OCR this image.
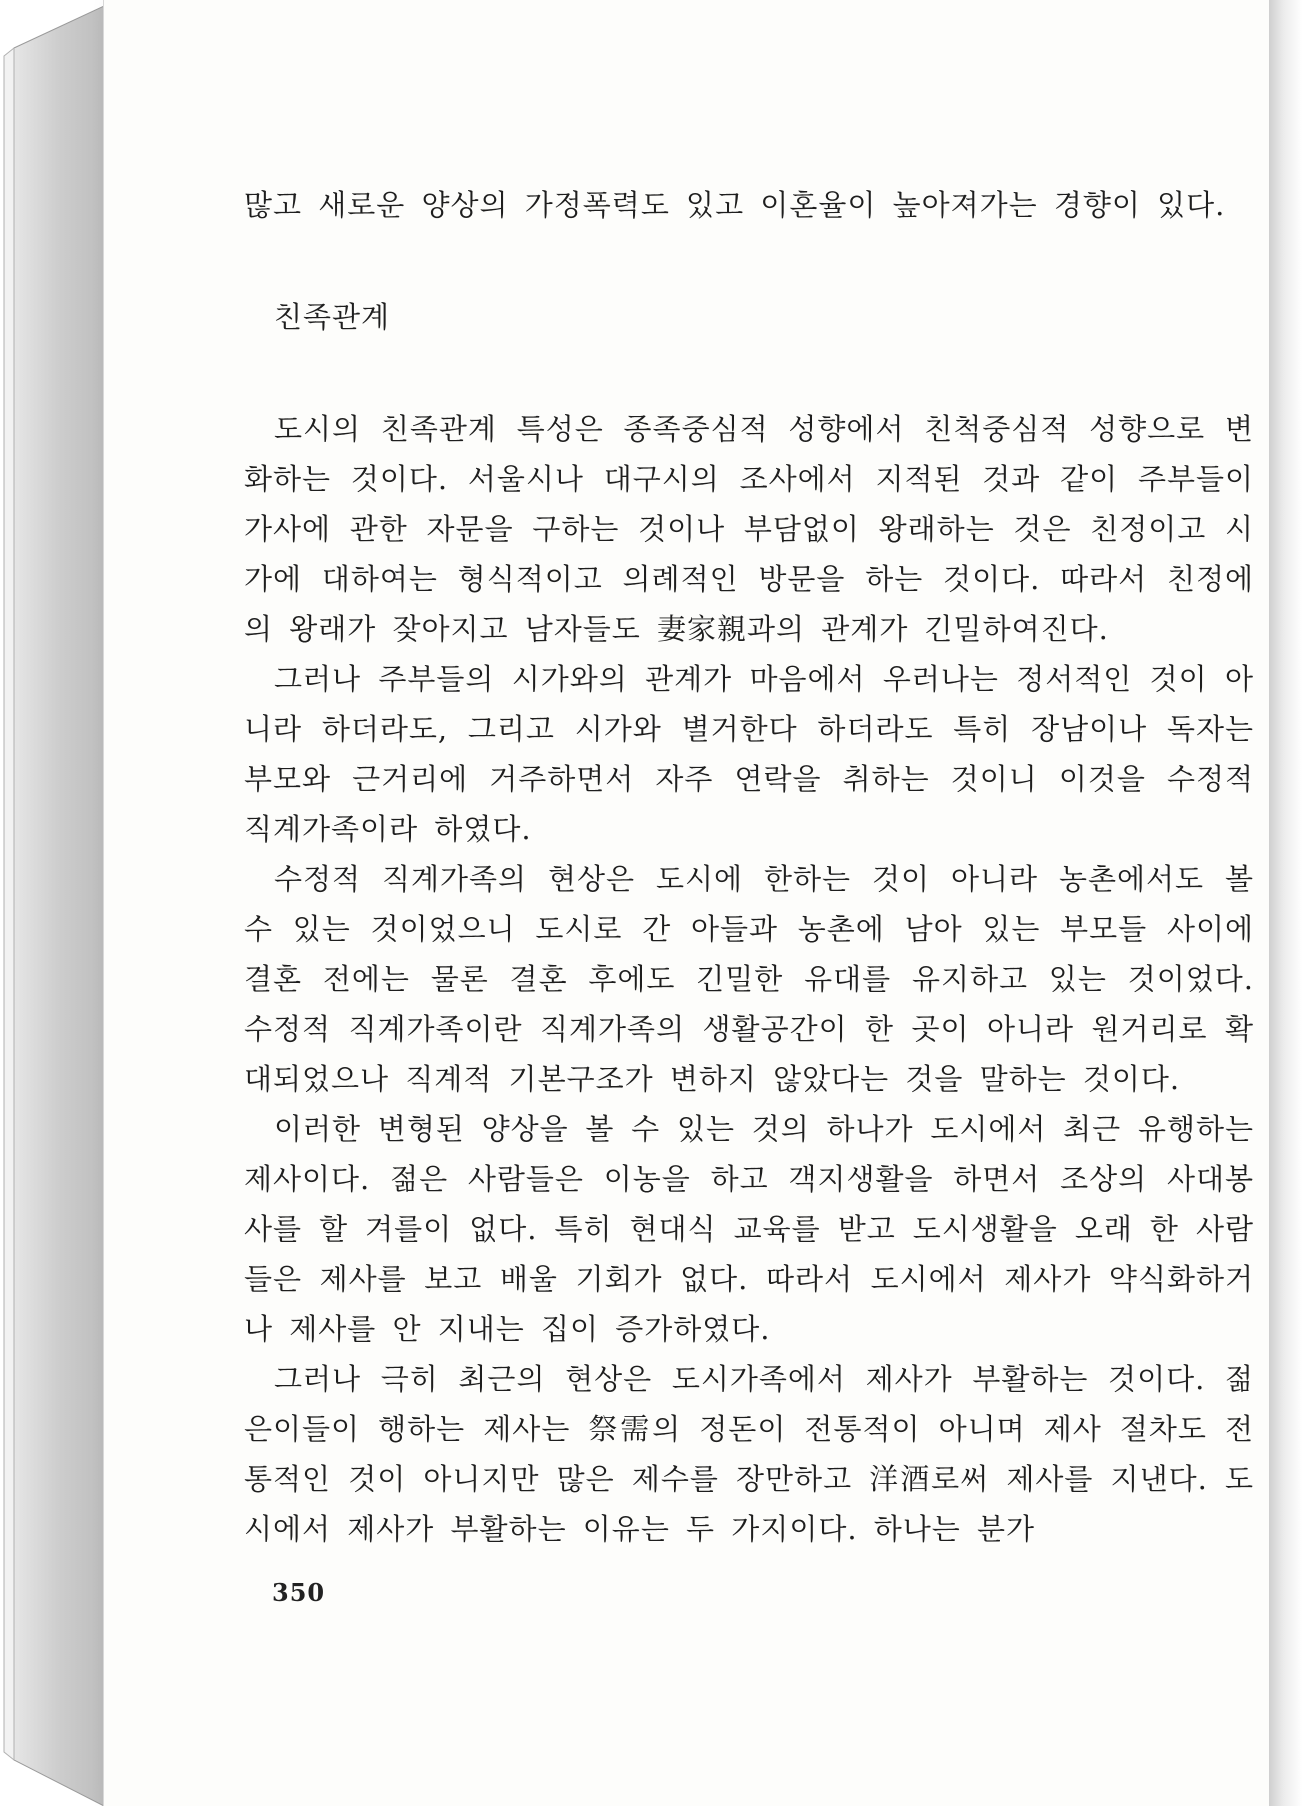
많고 새로운 양상의 가정폭력도 있고 이혼율이 높아져가는 경향이 있다.

친족관계

도시의 친족관계 특성은 종족중심적 성향에서 친척중심적 성향으로 변화하는 것이다. 서울시나 대구시의 조사에서 지적된 것과 같이 주부들이 가사에 관한 자문을 구하는 것이나 부담없이 왕래하는 것은 친정이고 시가에 대하여는 형식적이고 의례적인 방문을 하는 것이다. 따라서 친정에의 왕래가 잦아지고 남자들도 妻家親과의 관계가 긴밀하여진다.

그러나 주부들의 시가와의 관계가 마음에서 우러나는 정서적인 것이 아니라 하더라도, 그리고 시가와 별거한다 하더라도 특히 장남이나 독자는 부모와 근거리에 거주하면서 자주 연락을 취하는 것이니 이것을 수정적 직계가족이라 하였다.

수정적 직계가족의 현상은 도시에 한하는 것이 아니라 농촌에서도 볼 수 있는 것이었으니 도시로 간 아들과 농촌에 남아 있는 부모들 사이에 결혼 전에는 물론 결혼 후에도 긴밀한 유대를 유지하고 있는 것이었다. 수정적 직계가족이란 직계가족의 생활공간이 한 곳이 아니라 원거리로 확대되었으나 직계적 기본구조가 변하지 않았다는 것을 말하는 것이다.

이러한 변형된 양상을 볼 수 있는 것의 하나가 도시에서 최근 유행하는 제사이다. 젊은 사람들은 이농을 하고 객지생활을 하면서 조상의 사대봉사를 할 겨를이 없다. 특히 현대식 교육를 받고 도시생활을 오래 한 사람들은 제사를 보고 배울 기회가 없다. 따라서 도시에서 제사가 약식화하거나 제사를 안 지내는 집이 증가하였다.

그러나 극히 최근의 현상은 도시가족에서 제사가 부활하는 것이다. 젊은이들이 행하는 제사는 祭需의 정돈이 전통적이 아니며 제사 절차도 전통적인 것이 아니지만 많은 제수를 장만하고 洋酒로써 제사를 지낸다. 도시에서 제사가 부활하는 이유는 두 가지이다. 하나는 분가

350
